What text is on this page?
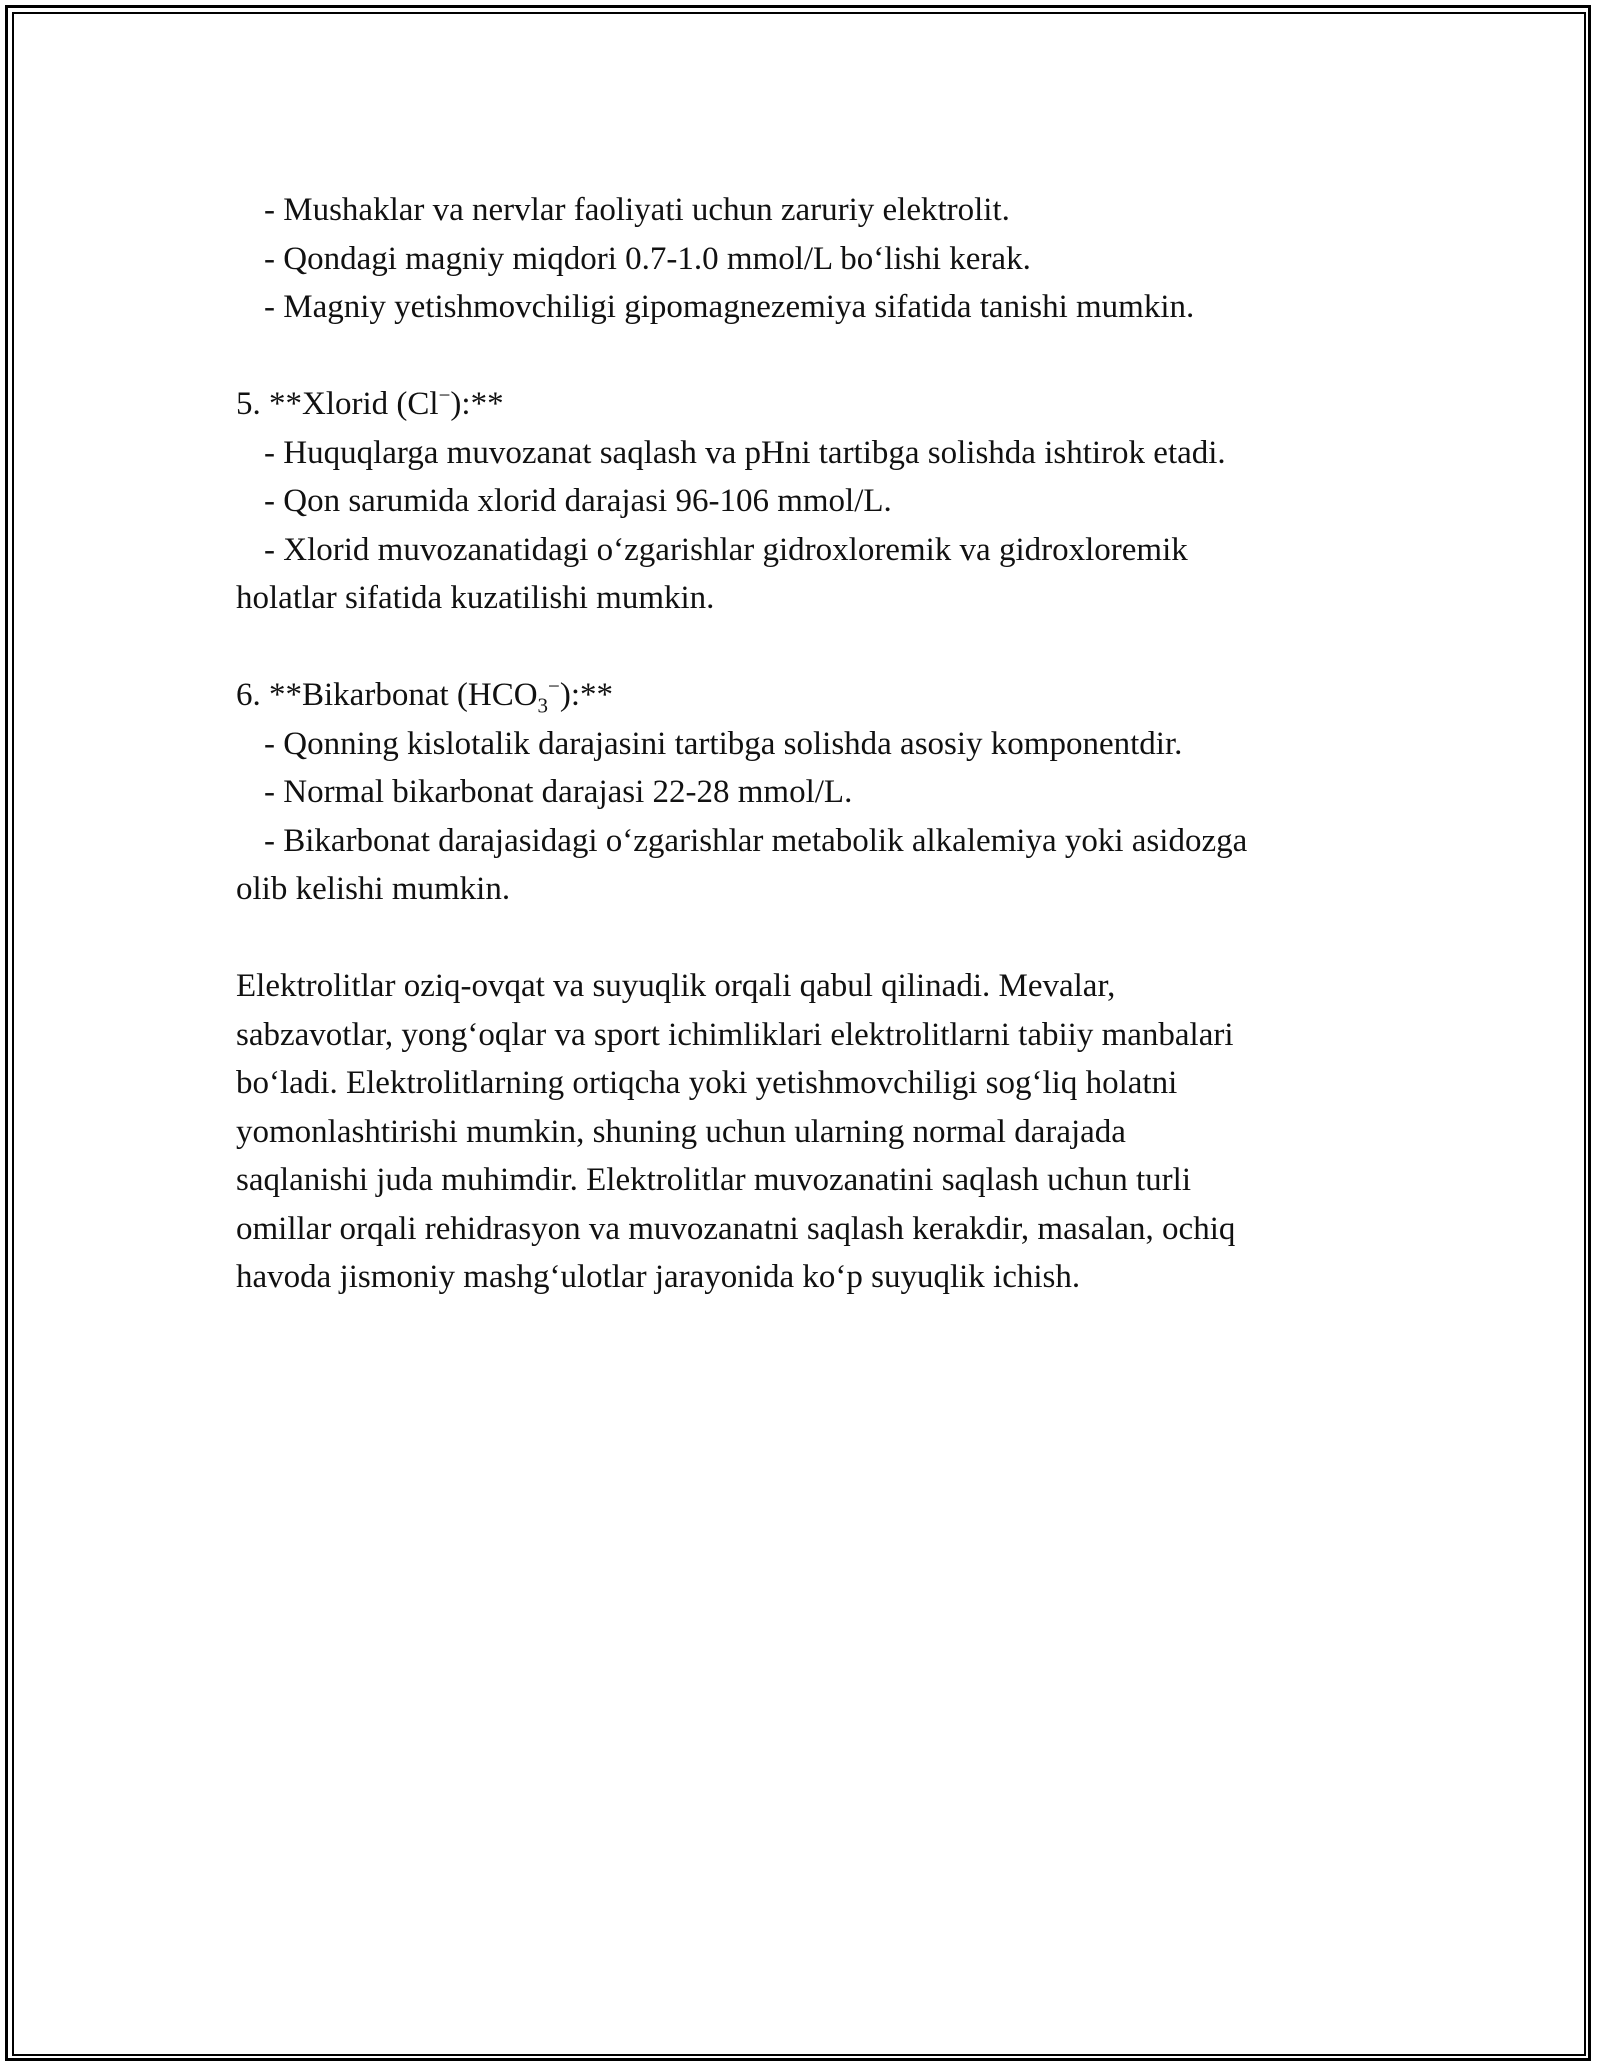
- Mushaklar va nervlar faoliyati uchun zaruriy elektrolit.

- Qondagi magniy miqdori 0.7-1.0 mmol/L bo‘lishi kerak.

- Magniy yetishmovchiligi gipomagnezemiya sifatida tanishi mumkin.

5. **Xlorid (Cl−):**

- Huquqlarga muvozanat saqlash va pHni tartibga solishda ishtirok etadi.

- Qon sarumida xlorid darajasi 96-106 mmol/L.

- Xlorid muvozanatidagi o‘zgarishlar gidroxloremik va gidroxloremik

holatlar sifatida kuzatilishi mumkin.

6. **Bikarbonat $(HCO_3^-):**$

- Qonning kislotalik darajasini tartibga solishda asosiy komponentdir.

- Normal bikarbonat darajasi 22-28 mmol/L.

- Bikarbonat darajasidagi o‘zgarishlar metabolik alkalemiya yoki asidozga

olib kelishi mumkin.

Elektrolitlar oziq-ovqat va suyuqlik orqali qabul qilinadi. Mevalar,

sabzavotlar, yong‘oqlar va sport ichimliklari elektrolitlarni tabiiy manbalari

bo‘ladi. Elektrolitlarning ortiqcha yoki yetishmovchiligi sog‘liq holatni

yomonlashtirishi mumkin, shuning uchun ularning normal darajada

saqlanishi juda muhimdir. Elektrolitlar muvozanatini saqlash uchun turli

omillar orqali rehidrasyon va muvozanatni saqlash kerakdir, masalan, ochiq

havoda jismoniy mashg‘ulotlar jarayonida ko‘p suyuqlik ichish.
